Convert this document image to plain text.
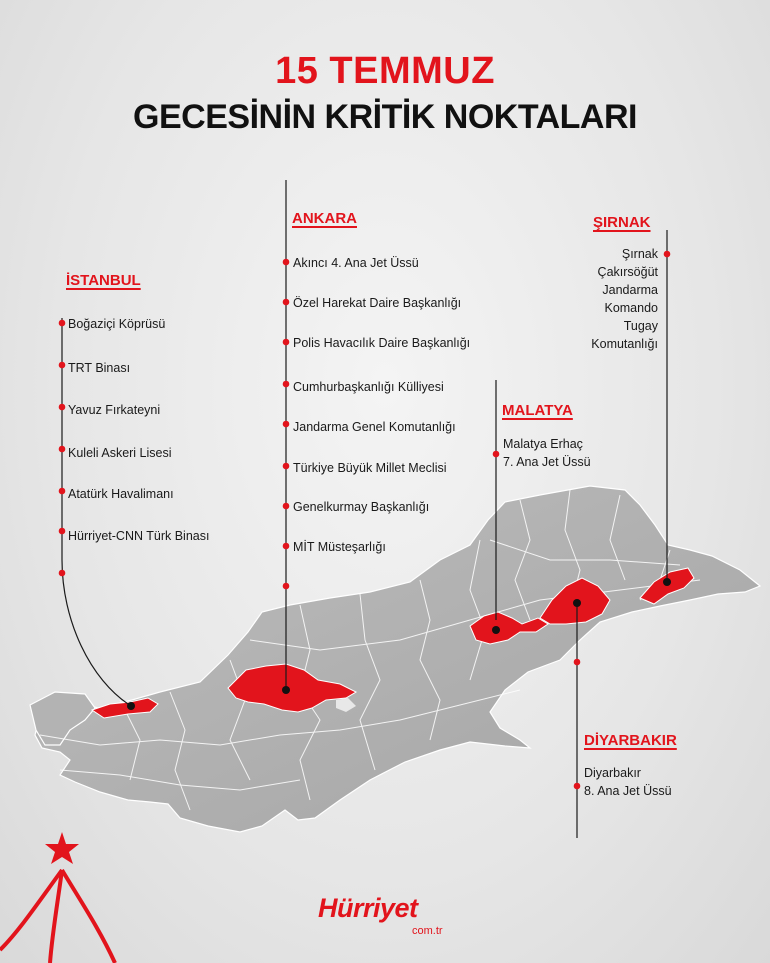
15 TEMMUZ
GECESİNİN KRİTİK NOKTALARI
İSTANBUL
Boğaziçi Köprüsü
TRT Binası
Yavuz Fırkateyni
Kuleli Askeri Lisesi
Atatürk Havalimanı
Hürriyet-CNN Türk Binası
ANKARA
Akıncı 4. Ana Jet Üssü
Özel Harekat Daire Başkanlığı
Polis Havacılık Daire Başkanlığı
Cumhurbaşkanlığı Külliyesi
Jandarma Genel Komutanlığı
Türkiye Büyük Millet Meclisi
Genelkurmay Başkanlığı
MİT Müsteşarlığı
ŞIRNAK
Şırnak
Çakırsöğüt
Jandarma
Komando
Tugay
Komutanlığı
MALATYA
Malatya Erhaç
7. Ana Jet Üssü
DİYARBAKIR
Diyarbakır
8. Ana Jet Üssü
Hürriyet
com.tr
